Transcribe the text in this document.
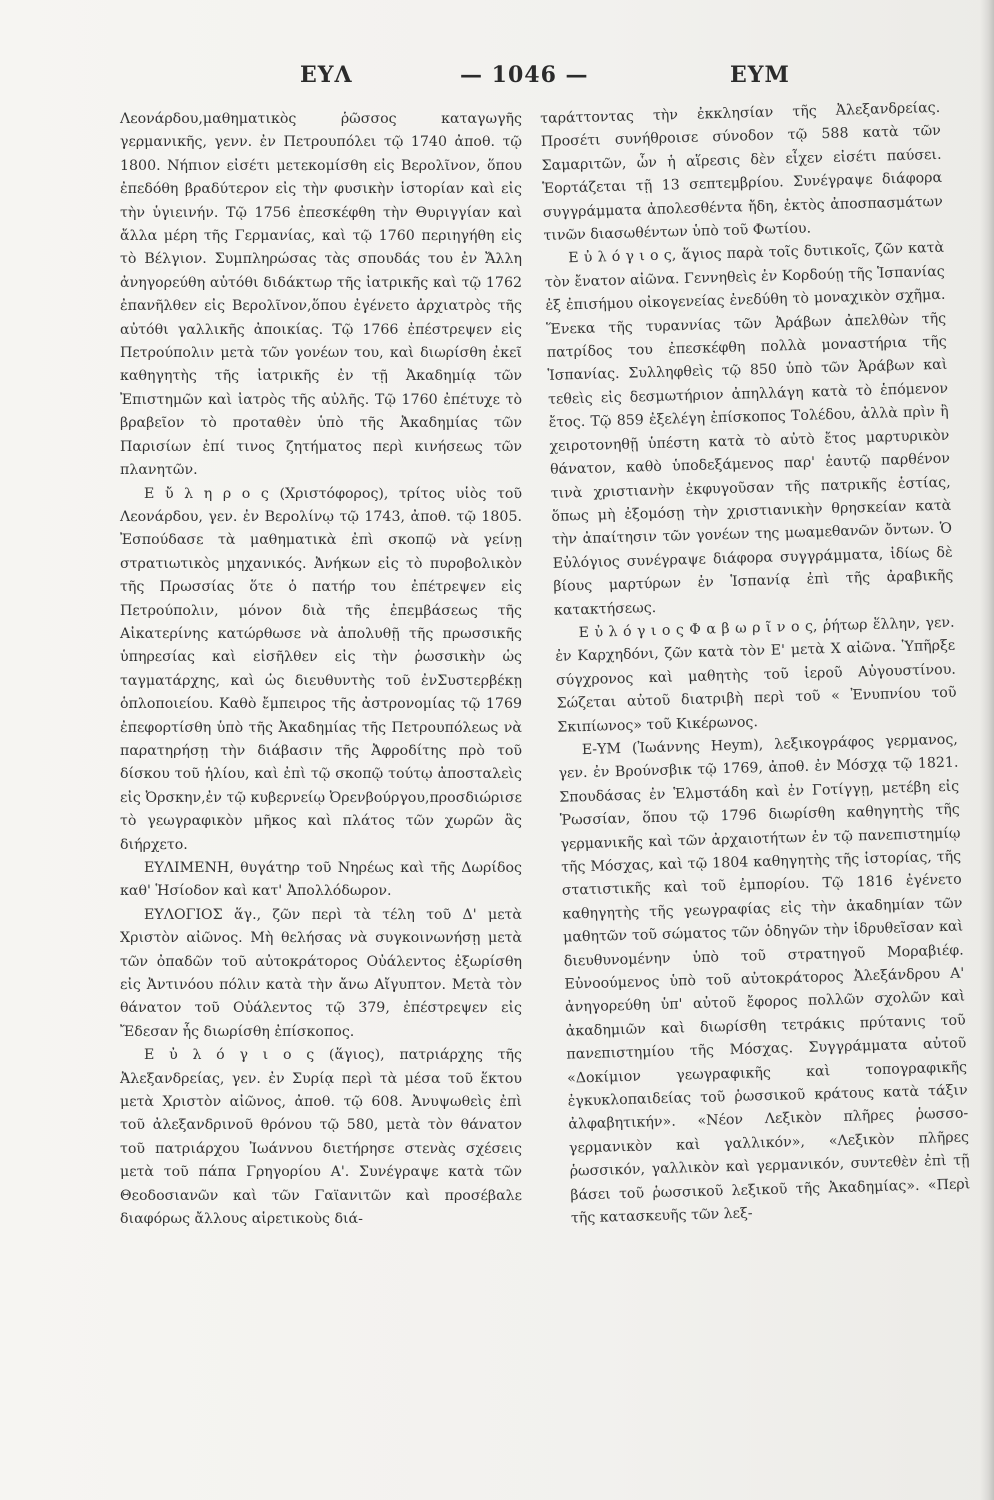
ΕΥΛ	— 1046 —	ΕΥΜ

Λεονάρδου,μαθηματικὸς ῥῶσσος καταγωγῆς γερμανικῆς, γενν. ἐν Πετρουπόλει τῷ 1740 ἀποθ. τῷ 1800. Νήπιον εἰσέτι μετεκομίσθη εἰς Βερολῖνον, ὅπου ἐπεδόθη βραδύτερον εἰς τὴν φυσικὴν ἱστορίαν καὶ εἰς τὴν ὑγιεινήν. Τῷ 1756 ἐπεσκέφθη τὴν Θυριγγίαν καὶ ἄλλα μέρη τῆς Γερμανίας, καὶ τῷ 1760 περιηγήθη εἰς τὸ Βέλγιον. Συμπληρώσας τὰς σπουδάς του ἐν Ἄλλη ἀνηγορεύθη αὐτόθι διδάκτωρ τῆς ἰατρικῆς καὶ τῷ 1762 ἐπανῆλθεν εἰς Βερολῖνον,ὅπου ἐγένετο ἀρχιατρὸς τῆς αὐτόθι γαλλικῆς ἀποικίας. Τῷ 1766 ἐπέστρεψεν εἰς Πετρούπολιν μετὰ τῶν γονέων του, καὶ διωρίσθη ἐκεῖ καθηγητὴς τῆς ἰατρικῆς ἐν τῇ Ἀκαδημίᾳ τῶν Ἐπιστημῶν καὶ ἰατρὸς τῆς αὐλῆς. Τῷ 1760 ἐπέτυχε τὸ βραβεῖον τὸ προταθὲν ὑπὸ τῆς Ἀκαδημίας τῶν Παρισίων ἐπί τινος ζητήματος περὶ κινήσεως τῶν πλανητῶν.

Ε ὔ λ η ρ ο ς (Χριστόφορος), τρίτος υἱὸς τοῦ Λεονάρδου, γεν. ἐν Βερολίνῳ τῷ 1743, ἀποθ. τῷ 1805. Ἐσπούδασε τὰ μαθηματικὰ ἐπὶ σκοπῷ νὰ γείνῃ στρατιωτικὸς μηχανικός. Ἀνήκων εἰς τὸ πυροβολικὸν τῆς Πρωσσίας ὅτε ὁ πατήρ του ἐπέτρεψεν εἰς Πετρούπολιν, μόνον διὰ τῆς ἐπεμβάσεως τῆς Αἰκατερίνης κατώρθωσε νὰ ἀπολυθῇ τῆς πρωσσικῆς ὑπηρεσίας καὶ εἰσῆλθεν εἰς τὴν ῥωσσικὴν ὡς ταγματάρχης, καὶ ὡς διευθυντὴς τοῦ ἐνΣυστερβέκῃ ὁπλοποιείου. Καθὸ ἔμπειρος τῆς ἀστρονομίας τῷ 1769 ἐπεφορτίσθη ὑπὸ τῆς Ἀκαδημίας τῆς Πετρουπόλεως νὰ παρατηρήσῃ τὴν διάβασιν τῆς Ἀφροδίτης πρὸ τοῦ δίσκου τοῦ ἡλίου, καὶ ἐπὶ τῷ σκοπῷ τούτῳ ἀποσταλεὶς εἰς Ὀρσκην,ἐν τῷ κυβερνείῳ Ὀρενβούργου,προσδιώρισε τὸ γεωγραφικὸν μῆκος καὶ πλάτος τῶν χωρῶν ἃς διήρχετο.

ΕΥΛΙΜΕΝΗ, θυγάτηρ τοῦ Νηρέως καὶ τῆς Δωρίδος καθ' Ἡσίοδον καὶ κατ' Ἀπολλόδωρον.

ΕΥΛΟΓΙΟΣ ἅγ., ζῶν περὶ τὰ τέλη τοῦ Δ' μετὰ Χριστὸν αἰῶνος. Μὴ θελήσας νὰ συγκοινωνήσῃ μετὰ τῶν ὀπαδῶν τοῦ αὐτοκράτορος Οὐάλεντος ἐξωρίσθη εἰς Ἀντινόου πόλιν κατὰ τὴν ἄνω Αἴγυπτον. Μετὰ τὸν θάνατον τοῦ Οὐάλεντος τῷ 379, ἐπέστρεψεν εἰς Ἔδεσαν ἧς διωρίσθη ἐπίσκοπος.

Ε ὐ λ ό γ ι ο ς (ἅγιος), πατριάρχης τῆς Ἀλεξανδρείας, γεν. ἐν Συρίᾳ περὶ τὰ μέσα τοῦ ἕκτου μετὰ Χριστὸν αἰῶνος, ἀποθ. τῷ 608. Ἀνυψωθεὶς ἐπὶ τοῦ ἀλεξανδρινοῦ θρόνου τῷ 580, μετὰ τὸν θάνατον τοῦ πατριάρχου Ἰωάννου διετήρησε στενὰς σχέσεις μετὰ τοῦ πάπα Γρηγορίου Α'. Συνέγραψε κατὰ τῶν Θεοδοσιανῶν καὶ τῶν Γαϊανιτῶν καὶ προσέβαλε διαφόρως ἄλλους αἱρετικοὺς διά-

ταράττοντας τὴν ἐκκλησίαν τῆς Ἀλεξανδρείας. Προσέτι συνήθροισε σύνοδον τῷ 588 κατὰ τῶν Σαμαριτῶν, ὧν ἡ αἵρεσις δὲν εἶχεν εἰσέτι παύσει. Ἑορτάζεται τῇ 13 σεπτεμβρίου. Συνέγραψε διάφορα συγγράμματα ἀπολεσθέντα ἤδη, ἐκτὸς ἀποσπασμάτων τινῶν διασωθέντων ὑπὸ τοῦ Φωτίου.

Ε ὐ λ ό γ ι ο ς, ἅγιος παρὰ τοῖς δυτικοῖς, ζῶν κατὰ τὸν ἔνατον αἰῶνα. Γεννηθεὶς ἐν Κορδούῃ τῆς Ἱσπανίας ἐξ ἐπισήμου οἰκογενείας ἐνεδύθη τὸ μοναχικὸν σχῆμα. Ἕνεκα τῆς τυραννίας τῶν Ἀράβων ἀπελθὼν τῆς πατρίδος του ἐπεσκέφθη πολλὰ μοναστήρια τῆς Ἱσπανίας. Συλληφθεὶς τῷ 850 ὑπὸ τῶν Ἀράβων καὶ τεθεὶς εἰς δεσμωτήριον ἀπηλλάγη κατὰ τὸ ἑπόμενον ἔτος. Τῷ 859 ἐξελέγη ἐπίσκοπος Τολέδου, ἀλλὰ πρὶν ἢ χειροτονηθῇ ὑπέστη κατὰ τὸ αὐτὸ ἔτος μαρτυρικὸν θάνατον, καθὸ ὑποδεξάμενος παρ' ἑαυτῷ παρθένον τινὰ χριστιανὴν ἐκφυγοῦσαν τῆς πατρικῆς ἑστίας, ὅπως μὴ ἐξομόσῃ τὴν χριστιανικὴν θρησκείαν κατὰ τὴν ἀπαίτησιν τῶν γονέων της μωαμεθανῶν ὄντων. Ὁ Εὐλόγιος συνέγραψε διάφορα συγγράμματα, ἰδίως δὲ βίους μαρτύρων ἐν Ἱσπανίᾳ ἐπὶ τῆς ἀραβικῆς κατακτήσεως.

Ε ὐ λ ό γ ι ο ς Φ α β ω ρ ῖ ν ο ς, ῥήτωρ ἕλλην, γεν. ἐν Καρχηδόνι, ζῶν κατὰ τὸν Ε' μετὰ Χ αἰῶνα. Ὑπῆρξε σύγχρονος καὶ μαθητὴς τοῦ ἱεροῦ Αὐγουστίνου. Σώζεται αὐτοῦ διατριβὴ περὶ τοῦ « Ἐνυπνίου τοῦ Σκιπίωνος» τοῦ Κικέρωνος.

Ε-ΥΜ (Ἰωάννης Heym), λεξικογράφος γερμανος, γεν. ἐν Βρούνσβικ τῷ 1769, ἀποθ. ἐν Μόσχᾳ τῷ 1821. Σπουδάσας ἐν Ἑλμστάδη καὶ ἐν Γοτίγγῃ, μετέβη εἰς Ῥωσσίαν, ὅπου τῷ 1796 διωρίσθη καθηγητὴς τῆς γερμανικῆς καὶ τῶν ἀρχαιοτήτων ἐν τῷ πανεπιστημίῳ τῆς Μόσχας, καὶ τῷ 1804 καθηγητὴς τῆς ἱστορίας, τῆς στατιστικῆς καὶ τοῦ ἐμπορίου. Τῷ 1816 ἐγένετο καθηγητὴς τῆς γεωγραφίας εἰς τὴν ἀκαδημίαν τῶν μαθητῶν τοῦ σώματος τῶν ὁδηγῶν τὴν ἱδρυθεῖσαν καὶ διευθυνομένην ὑπὸ τοῦ στρατηγοῦ Μοραβιέφ. Εὐνοούμενος ὑπὸ τοῦ αὐτοκράτορος Ἀλεξάνδρου Α' ἀνηγορεύθη ὑπ' αὐτοῦ ἔφορος πολλῶν σχολῶν καὶ ἀκαδημιῶν καὶ διωρίσθη τετράκις πρύτανις τοῦ πανεπιστημίου τῆς Μόσχας. Συγγράμματα αὐτοῦ «Δοκίμιον γεωγραφικῆς καὶ τοπογραφικῆς ἐγκυκλοπαιδείας τοῦ ῥωσσικοῦ κράτους κατὰ τάξιν ἀλφαβητικήν». «Νέον Λεξικὸν πλῆρες ῥωσσο-γερμανικὸν καὶ γαλλικόν», «Λεξικὸν πλῆρες ῥωσσικόν, γαλλικὸν καὶ γερμανικόν, συντεθὲν ἐπὶ τῇ βάσει τοῦ ῥωσσικοῦ λεξικοῦ τῆς Ἀκαδημίας». «Περὶ τῆς κατασκευῆς τῶν λεξ-
